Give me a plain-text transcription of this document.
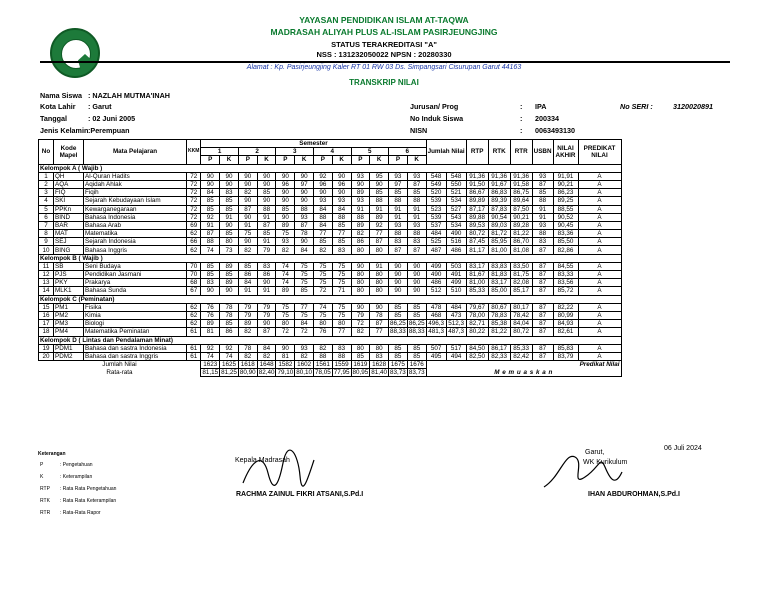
YAYASAN PENDIDIKAN ISLAM AT-TAQWA
MADRASAH ALIYAH PLUS AL-ISLAM PASIRJEUNGJING
STATUS TERAKREDITASI "A"
NSS : 131232050022 NPSN : 20280330
Alamat : Kp. Pasirjeungjing Kaler RT 01 RW 03 Ds. Simpangsari Cisurupan Garut 44163
TRANSKRIP NILAI
Nama Siswa : NAZLAH MUTMA'INAH
Kota Lahir : Garut
Tanggal	: 02 Juni 2005
Jenis Kelamin :Perempuan
Jurusan/ Prog	: IPA
No Induk Siswa	: 200334
NISN	: 0063493130
No SERI :	3120020891
No	Kode Mapel	Mata Pelajaran	KKM	Semester												Jumlah Nilai		RTP	RTK	RTR	USBN	NILAI AKHIR	PREDIKAT NILAI
				1		2		3		4		5		6									
				P	K	P	K	P	K	P	K	P	K	P	K								
Kelompok A ( Wajib )																							
1	QH	Al-Quran Hadits	72	90	90	90	90	90	90	92	90	93	95	93	93	548	548	91,36	91,36	91,36	93	91,91	A
2	AQA	Aqidah Ahlak	72	90	90	90	90	96	97	96	96	90	90	97	87	549	550	91,50	91,67	91,58	87	90,21	A
3	FIQ	Fiqih	72	84	83	82	85	90	90	90	90	89	85	85	85	520	521	86,67	86,83	86,75	85	86,23	A
4	SKI	Sejarah Kebudayaan Islam	72	85	85	90	90	90	90	93	93	93	88	88	88	539	534	89,89	89,39	89,64	88	89,25	A
5	PPKn	Kewarganegaraan	72	85	85	87	88	85	88	84	84	91	91	91	91	523	527	87,17	87,83	87,50	91	88,55	A
6	BIND	Bahasa Indonesia	72	92	91	90	91	90	93	88	88	88	89	91	91	539	543	89,88	90,54	90,21	91	90,52	A
7	BAR	Bahasa Arab	69	91	90	91	87	89	87	84	85	89	92	93	93	537	534	89,53	89,03	89,28	93	90,45	A
8	MAT	Matematika	62	87	85	75	85	75	78	77	77	82	77	88	88	484	490	80,72	81,72	81,22	88	83,36	A
9	SEJ	Sejarah Indonesia	66	88	80	90	91	93	90	85	85	86	87	83	83	525	516	87,45	85,95	86,70	83	85,50	A
10	BING	Bahasa Inggris	62	74	73	82	79	82	84	82	83	80	80	87	87	487	486	81,17	81,00	81,08	87	82,86	A
Kelompok B ( Wajib )																							
11	SB	Seni Budaya	70	85	89	85	83	74	75	75	75	90	91	90	90	499	503	83,17	83,83	83,50	87	84,55	A
12	PJS	Pendidikan Jasmani	70	85	85	86	86	74	75	75	75	80	80	90	90	490	491	81,67	81,83	81,75	87	83,33	A
13	PKY	Prakarya	68	83	89	84	90	74	75	75	75	80	80	90	90	486	499	81,00	83,17	82,08	87	83,56	A
14	MLK1	Bahasa Sunda	67	90	90	91	91	89	85	72	71	80	80	90	90	512	510	85,33	85,00	85,17	87	85,72	A
Kelompok C (Peminatan)																							
15	PM1	Fisika	62	76	78	79	79	75	77	74	75	90	90	85	85	478	484	79,67	80,67	80,17	87	82,22	A
16	PM2	Kimia	62	76	78	79	79	75	75	75	75	79	78	85	85	468	473	78,00	78,83	78,42	87	80,99	A
17	PM3	Biologi	62	89	85	89	90	80	84	80	80	72	87	86,25	86,25	496,3	512,3	82,71	85,38	84,04	87	84,93	A
18	PM4	Matematika Peminatan	61	81	86	82	87	72	72	76	77	82	77	88,33	88,33	481,3	487,3	80,22	81,22	80,72	87	82,61	A
Kelompok D ( Lintas dan Pendalaman Minat)																							
19	PDM1	Bahasa dan sastra Indonesia	61	92	92	78	84	90	93	82	83	80	80	85	85	507	517	84,50	86,17	85,33	87	85,83	A
20	PDM2	Bahasa dan sastra Inggris	61	74	74	82	82	81	82	88	88	85	83	85	85	495	494	82,50	82,33	82,42	87	83,79	A
Jumlah Nilai				1623	1625	1618	1648	1582	1602	1561	1559	1619	1628	1675	1676	Predikat Nilai							
Rata-rata				81,15	81,25	80,90	82,40	79,10	80,10	78,05	77,95	80,95	81,40	83,73	83,73	M e m u a s k a n							
Keterangan
P	: Pengetahuan
K	: Keterampilan
RTP : Rata Rata Pengetahuan
RTK : Rata Rata Keterampilan
RTR : Rata-Rata Rapor
Kepala Madrasah
RACHMA ZAINUL FIKRI ATSANI,S.Pd.I
Garut,
06 Juli 2024
WK Kurikulum
IHAN ABDUROHMAN,S.Pd.I
